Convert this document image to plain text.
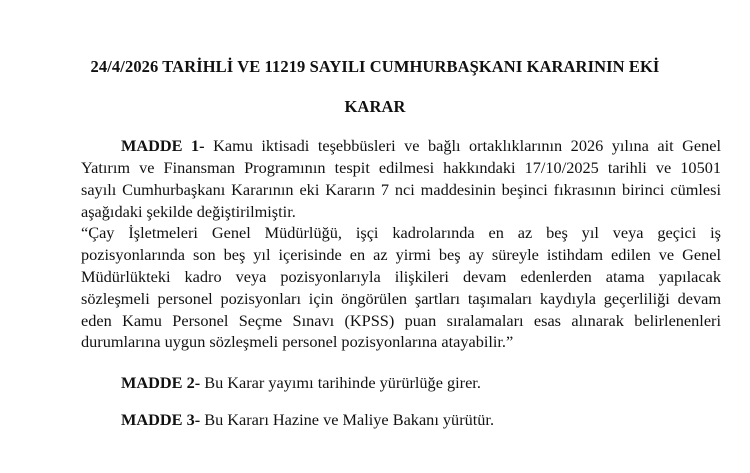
24/4/2026 TARİHLİ VE 11219 SAYILI CUMHURBAŞKANI KARARININ EKİ
KARAR
MADDE 1- Kamu iktisadi teşebbüsleri ve bağlı ortaklıklarının 2026 yılına ait Genel
Yatırım ve Finansman Programının tespit edilmesi hakkındaki 17/10/2025 tarihli ve 10501
sayılı Cumhurbaşkanı Kararının eki Kararın 7 nci maddesinin beşinci fıkrasının birinci cümlesi
aşağıdaki şekilde değiştirilmiştir.
“Çay İşletmeleri Genel Müdürlüğü, işçi kadrolarında en az beş yıl veya geçici iş
pozisyonlarında son beş yıl içerisinde en az yirmi beş ay süreyle istihdam edilen ve Genel
Müdürlükteki kadro veya pozisyonlarıyla ilişkileri devam edenlerden atama yapılacak
sözleşmeli personel pozisyonları için öngörülen şartları taşımaları kaydıyla geçerliliği devam
eden Kamu Personel Seçme Sınavı (KPSS) puan sıralamaları esas alınarak belirlenenleri
durumlarına uygun sözleşmeli personel pozisyonlarına atayabilir.”
MADDE 2- Bu Karar yayımı tarihinde yürürlüğe girer.
MADDE 3- Bu Kararı Hazine ve Maliye Bakanı yürütür.
